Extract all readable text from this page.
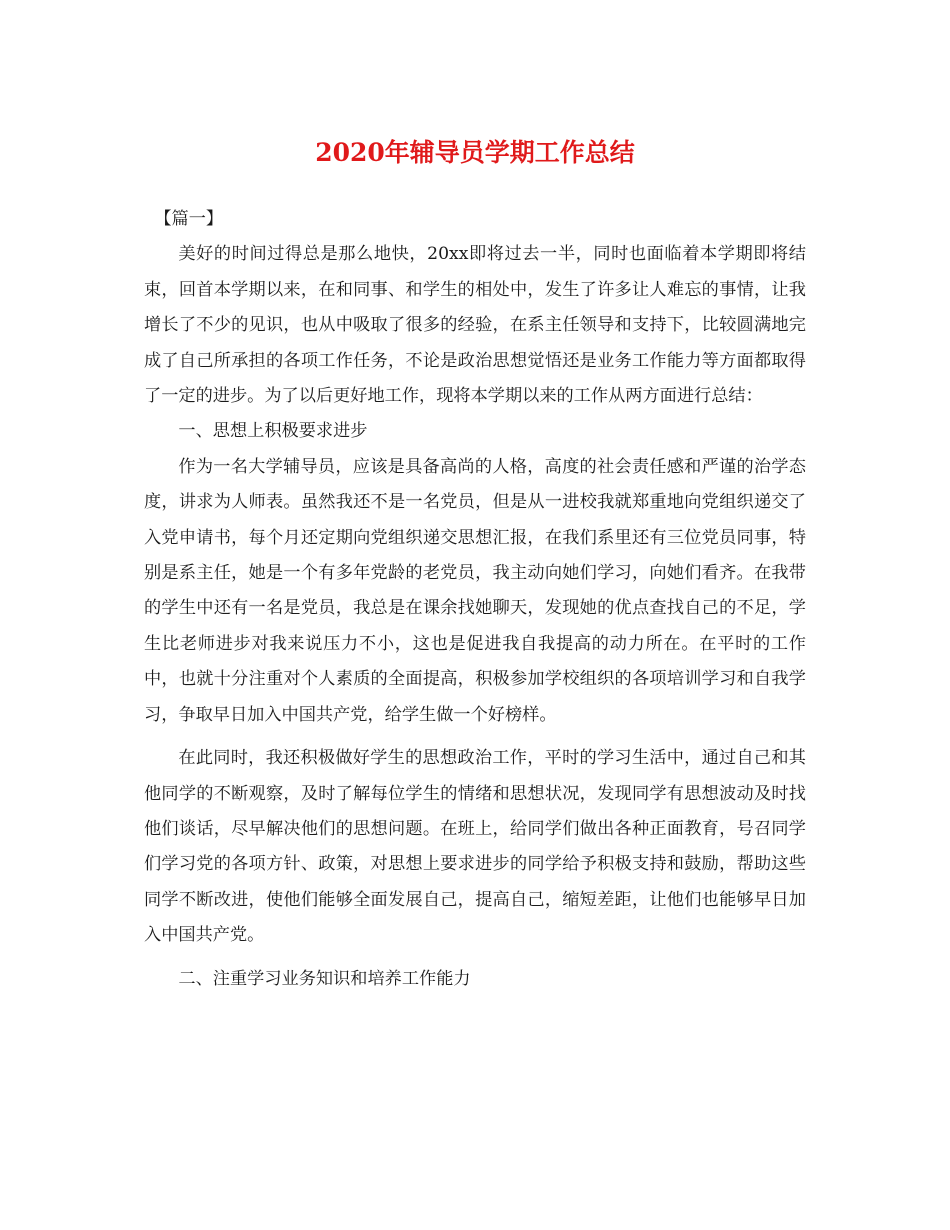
2020年辅导员学期工作总结

【篇一】

美好的时间过得总是那么地快，20xx即将过去一半，同时也面临着本学期即将结束，回首本学期以来，在和同事、和学生的相处中，发生了许多让人难忘的事情，让我增长了不少的见识，也从中吸取了很多的经验，在系主任领导和支持下，比较圆满地完成了自己所承担的各项工作任务，不论是政治思想觉悟还是业务工作能力等方面都取得了一定的进步。为了以后更好地工作，现将本学期以来的工作从两方面进行总结：

一、思想上积极要求进步

作为一名大学辅导员，应该是具备高尚的人格，高度的社会责任感和严谨的治学态度，讲求为人师表。虽然我还不是一名党员，但是从一进校我就郑重地向党组织递交了入党申请书，每个月还定期向党组织递交思想汇报，在我们系里还有三位党员同事，特别是系主任，她是一个有多年党龄的老党员，我主动向她们学习，向她们看齐。在我带的学生中还有一名是党员，我总是在课余找她聊天，发现她的优点查找自己的不足，学生比老师进步对我来说压力不小，这也是促进我自我提高的动力所在。在平时的工作中，也就十分注重对个人素质的全面提高，积极参加学校组织的各项培训学习和自我学习，争取早日加入中国共产党，给学生做一个好榜样。

在此同时，我还积极做好学生的思想政治工作，平时的学习生活中，通过自己和其他同学的不断观察，及时了解每位学生的情绪和思想状况，发现同学有思想波动及时找他们谈话，尽早解决他们的思想问题。在班上，给同学们做出各种正面教育，号召同学们学习党的各项方针、政策，对思想上要求进步的同学给予积极支持和鼓励，帮助这些同学不断改进，使他们能够全面发展自己，提高自己，缩短差距，让他们也能够早日加入中国共产党。

二、注重学习业务知识和培养工作能力
